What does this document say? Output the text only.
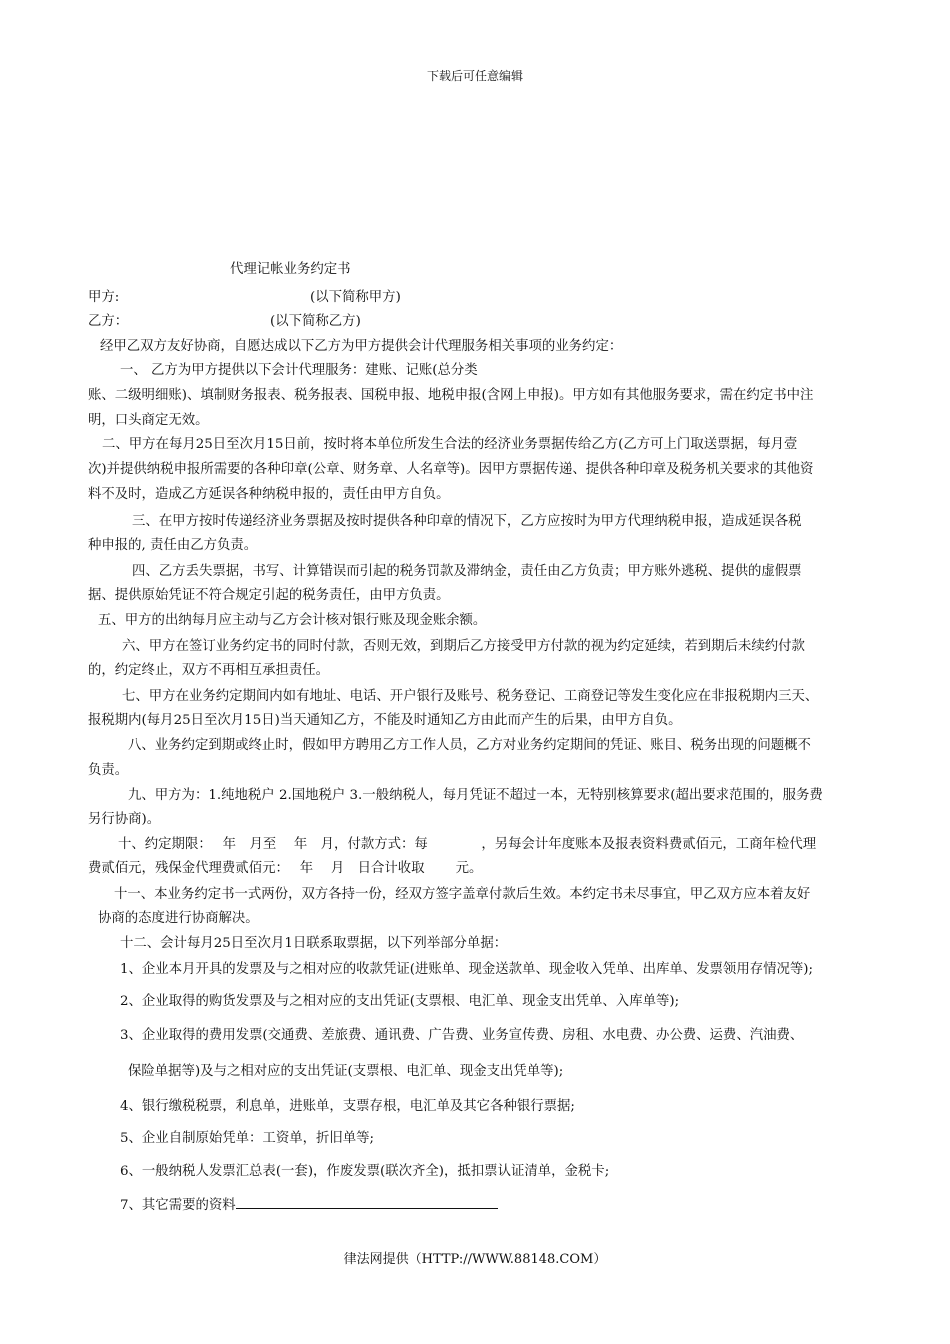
下载后可任意编辑
代理记帐业务约定书
甲方:	(以下简称甲方)
乙方：	(以下简称乙方)
经甲乙双方友好协商，自愿达成以下乙方为甲方提供会计代理服务相关事项的业务约定：
一、 乙方为甲方提供以下会计代理服务：建账、记账(总分类
账、二级明细账)、填制财务报表、税务报表、国税申报、地税申报(含网上申报)。甲方如有其他服务要求，需在约定书中注
明，口头商定无效。
二、甲方在每月25日至次月15日前，按时将本单位所发生合法的经济业务票据传给乙方(乙方可上门取送票据，每月壹
次)并提供纳税申报所需要的各种印章(公章、财务章、人名章等)。因甲方票据传递、提供各种印章及税务机关要求的其他资
料不及时，造成乙方延误各种纳税申报的，责任由甲方自负。
三、在甲方按时传递经济业务票据及按时提供各种印章的情况下，乙方应按时为甲方代理纳税申报，造成延误各税
种申报的, 责任由乙方负责。
四、乙方丢失票据，书写、计算错误而引起的税务罚款及滞纳金，责任由乙方负责；甲方账外逃税、提供的虚假票
据、提供原始凭证不符合规定引起的税务责任，由甲方负责。
五、甲方的出纳每月应主动与乙方会计核对银行账及现金账余额。
六、甲方在签订业务约定书的同时付款，否则无效，到期后乙方接受甲方付款的视为约定延续，若到期后未续约付款
的，约定终止，双方不再相互承担责任。
七、甲方在业务约定期间内如有地址、电话、开户银行及账号、税务登记、工商登记等发生变化应在非报税期内三天、
报税期内(每月25日至次月15日)当天通知乙方，不能及时通知乙方由此而产生的后果，由甲方自负。
八、业务约定到期或终止时，假如甲方聘用乙方工作人员，乙方对业务约定期间的凭证、账目、税务出现的问题概不
负责。
九、甲方为：1.纯地税户 2.国地税户 3.一般纳税人，每月凭证不超过一本，无特别核算要求(超出要求范围的，服务费
另行协商)。
十、约定期限：　 年　月至　 年　月，付款方式：每　　　　，另每会计年度账本及报表资料费贰佰元，工商年检代理
费贰佰元，残保金代理费贰佰元：　 年　 月　日合计收取　　 元。
十一、本业务约定书一式两份，双方各持一份，经双方签字盖章付款后生效。本约定书未尽事宜，甲乙双方应本着友好
协商的态度进行协商解决。
十二、会计每月25日至次月1日联系取票据，以下列举部分单据：
1、企业本月开具的发票及与之相对应的收款凭证(进账单、现金送款单、现金收入凭单、出库单、发票领用存情况等);
2、企业取得的购货发票及与之相对应的支出凭证(支票根、电汇单、现金支出凭单、入库单等);
3、企业取得的费用发票(交通费、差旅费、通讯费、广告费、业务宣传费、房租、水电费、办公费、运费、汽油费、
保险单据等)及与之相对应的支出凭证(支票根、电汇单、现金支出凭单等);
4、银行缴税税票，利息单，进账单，支票存根，电汇单及其它各种银行票据;
5、企业自制原始凭单：工资单，折旧单等;
6、一般纳税人发票汇总表(一套)，作废发票(联次齐全)，抵扣票认证清单，金税卡;
7、其它需要的资料
律法网提供（HTTP://WWW.88148.COM）
